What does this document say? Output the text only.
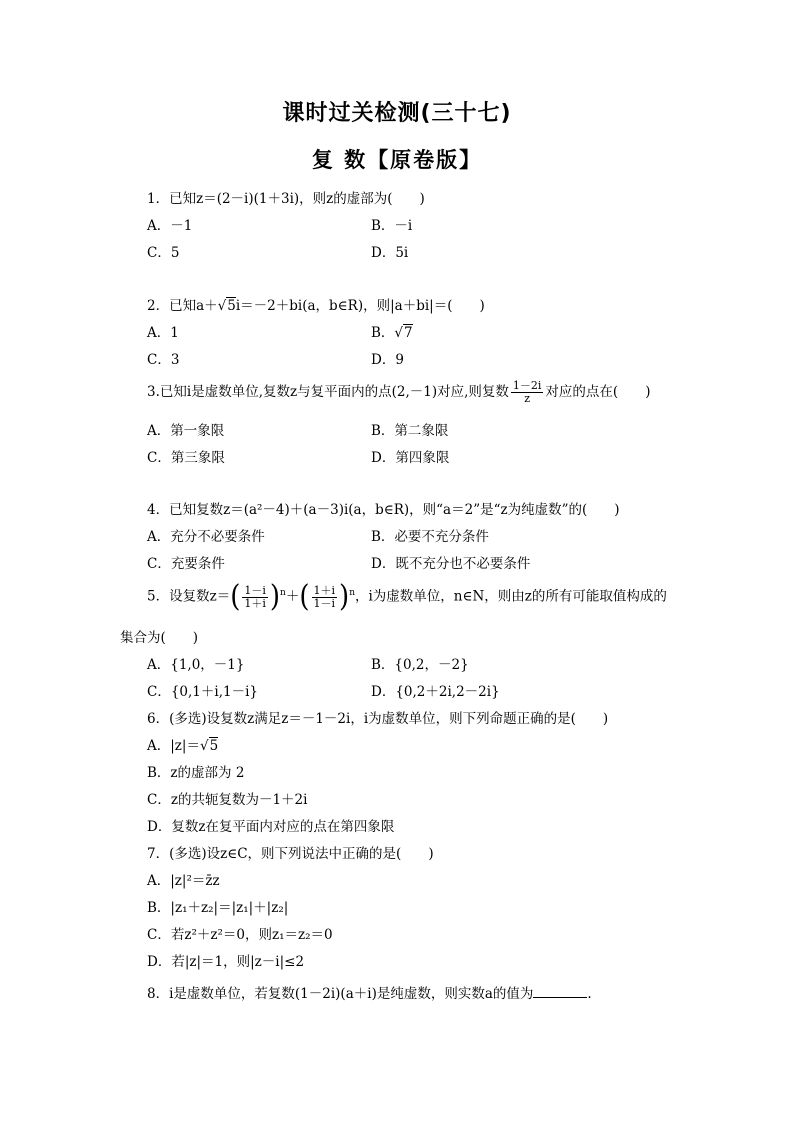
课时过关检测(三十七)
复 数【原卷版】
1．已知z＝(2－i)(1＋3i)，则z的虚部为(　　)
A．－1	B．－i
C．5	D．5i
2．已知a＋√5i＝－2＋bi(a，b∈R)，则|a＋bi|＝(　　)
A．1	B．√7
C．3	D．9
3.已知i是虚数单位,复数z与复平面内的点(2,－1)对应,则复数 $\frac{1-2i}{z}$ 对应的点在(　　)
A．第一象限	B．第二象限
C．第三象限	D．第四象限
4．已知复数z＝(a²－4)＋(a－3)i(a，b∈R)，则“a＝2”是“z为纯虚数”的(　　)
A．充分不必要条件	B．必要不充分条件
C．充要条件	D．既不充分也不必要条件
5．设复数$z=( \frac{1-i}{1+i} )^n+( \frac{1+i}{1-i} )^n$，i为虚数单位，n∈N，则由z的所有可能取值构成的
集合为(　　)
A．{1,0，－1}	B．{0,2，－2}
C．{0,1＋i,1－i}	D．{0,2＋2i,2－2i}
6．(多选)设复数z满足z＝－1－2i，i为虚数单位，则下列命题正确的是(　　)
A．|z|＝√5
B．z的虚部为 2
C．z的共轭复数为－1＋2i
D．复数z在复平面内对应的点在第四象限
7．(多选)设z∈C，则下列说法中正确的是(　　)
A．|z|²＝z̄z
B．|z₁＋z₂|＝|z₁|＋|z₂|
C．若z²＋z²＝0，则z₁＝z₂＝0
D．若|z|＝1，则|z－i|≤2
8．i是虚数单位，若复数(1－2i)(a＋i)是纯虚数，则实数a的值为	.
